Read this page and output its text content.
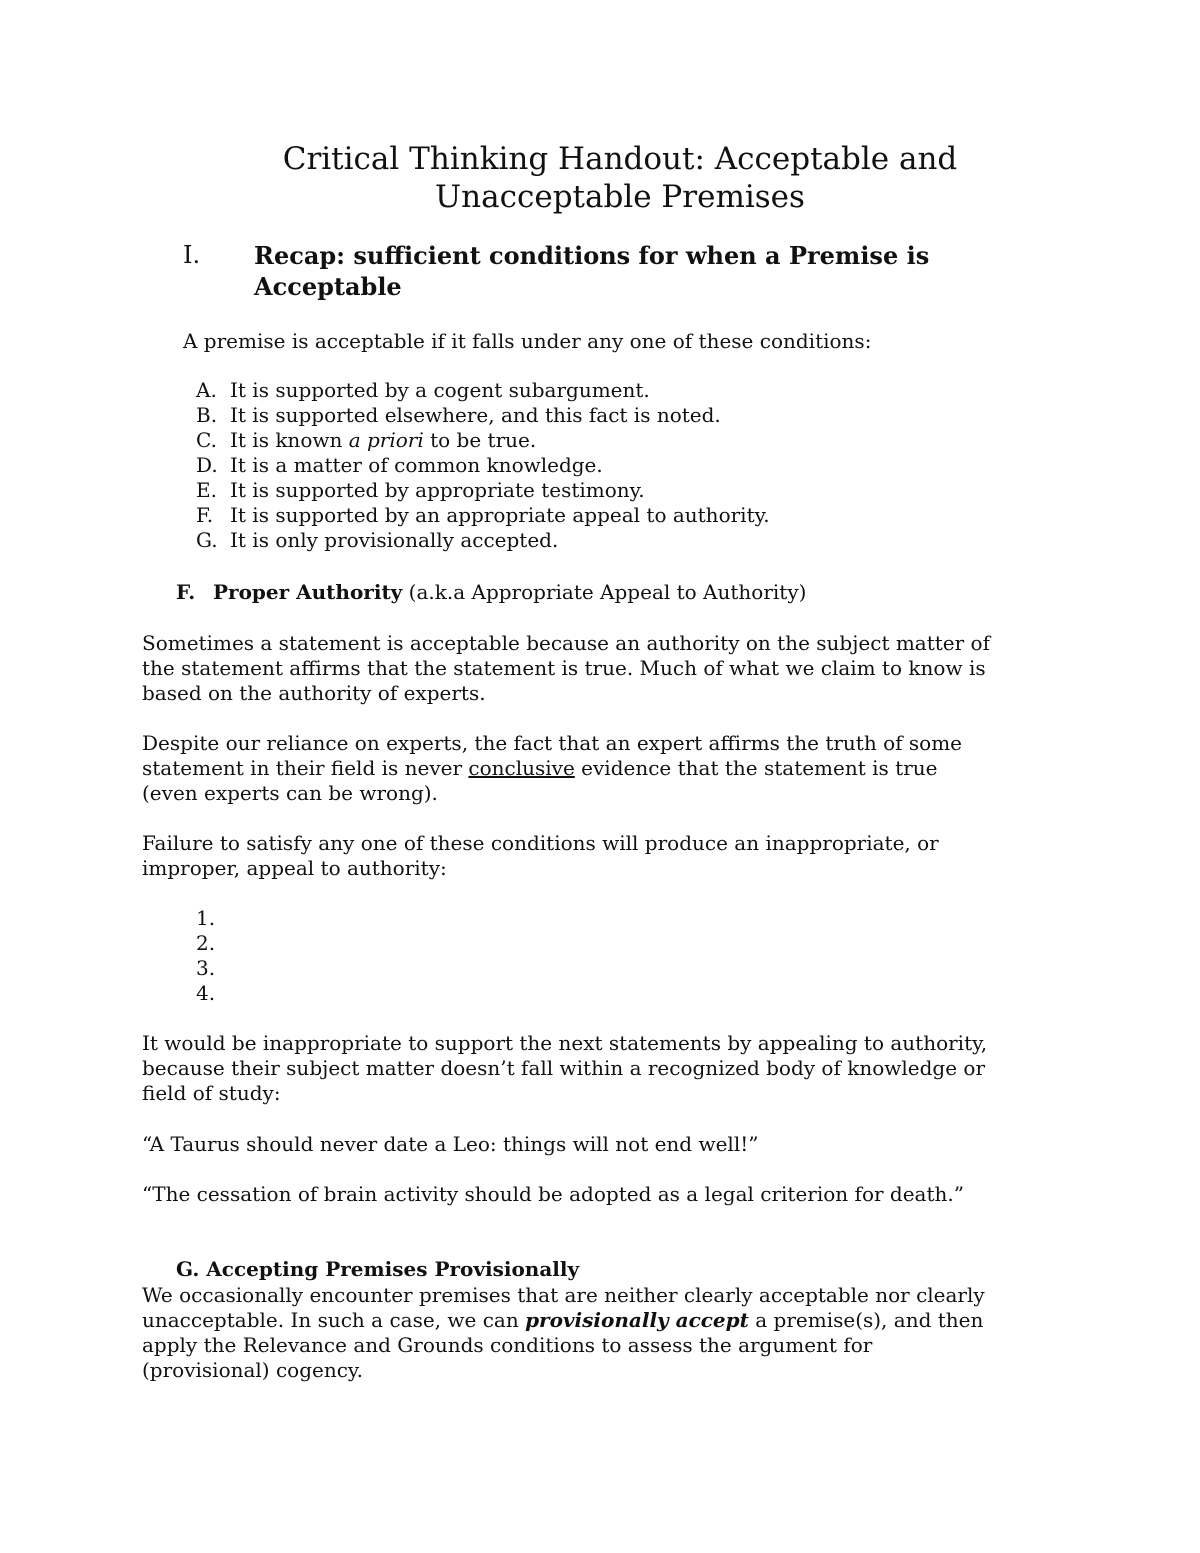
Critical Thinking Handout: Acceptable and
Unacceptable Premises
I. Recap: sufficient conditions for when a Premise is
Acceptable
A premise is acceptable if it falls under any one of these conditions:
A. It is supported by a cogent subargument.
B. It is supported elsewhere, and this fact is noted.
C. It is known a priori to be true.
D. It is a matter of common knowledge.
E. It is supported by appropriate testimony.
F. It is supported by an appropriate appeal to authority.
G. It is only provisionally accepted.
F. Proper Authority (a.k.a Appropriate Appeal to Authority)
Sometimes a statement is acceptable because an authority on the subject matter of
the statement affirms that the statement is true. Much of what we claim to know is
based on the authority of experts.
Despite our reliance on experts, the fact that an expert affirms the truth of some
statement in their field is never conclusive evidence that the statement is true
(even experts can be wrong).
Failure to satisfy any one of these conditions will produce an inappropriate, or
improper, appeal to authority:
1.
2.
3.
4.
It would be inappropriate to support the next statements by appealing to authority,
because their subject matter doesn’t fall within a recognized body of knowledge or
field of study:
“A Taurus should never date a Leo: things will not end well!”
“The cessation of brain activity should be adopted as a legal criterion for death.”
G. Accepting Premises Provisionally
We occasionally encounter premises that are neither clearly acceptable nor clearly
unacceptable. In such a case, we can provisionally accept a premise(s), and then
apply the Relevance and Grounds conditions to assess the argument for
(provisional) cogency.
